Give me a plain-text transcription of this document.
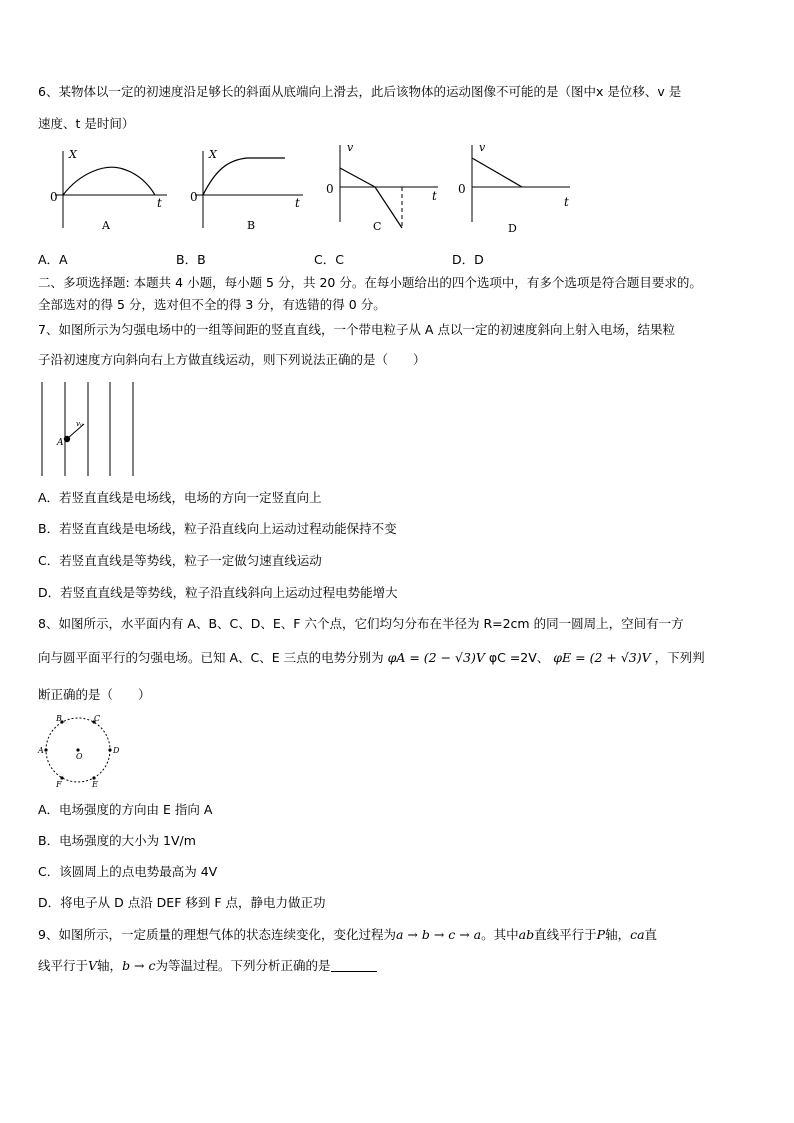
6、某物体以一定的初速度沿足够长的斜面从底端向上滑去，此后该物体的运动图像不可能的是（图中x 是位移、v 是
速度、t 是时间）
X
0	t
A
X
0	t
B
v
0	t
C
v
0
t
D
A．A	B．B	C．C	D．D
二、多项选择题: 本题共 4 小题，每小题 5 分，共 20 分。在每小题给出的四个选项中，有多个选项是符合题目要求的。
全部选对的得 5 分，选对但不全的得 3 分，有选错的得 0 分。
7、如图所示为匀强电场中的一组等间距的竖直直线，一个带电粒子从 A 点以一定的初速度斜向上射入电场，结果粒
子沿初速度方向斜向右上方做直线运动，则下列说法正确的是（　　）
A
v₀
A．若竖直直线是电场线，电场的方向一定竖直向上
B．若竖直直线是电场线，粒子沿直线向上运动过程动能保持不变
C．若竖直直线是等势线，粒子一定做匀速直线运动
D．若竖直直线是等势线，粒子沿直线斜向上运动过程电势能增大
8、如图所示，水平面内有 A、B、C、D、E、F 六个点，它们均匀分布在半径为 R=2cm 的同一圆周上，空间有一方
向与圆平面平行的匀强电场。已知 A、C、E 三点的电势分别为 φA = (2 − √3)V φC =2V、 φE = (2 + √3)V ，下列判
断正确的是（　　）
B	C
A	D
E
F
O
A．电场强度的方向由 E 指向 A
B．电场强度的大小为 1V/m
C．该圆周上的点电势最高为 4V
D．将电子从 D 点沿 DEF 移到 F 点，静电力做正功
9、如图所示，一定质量的理想气体的状态连续变化，变化过程为a → b → c → a。其中ab直线平行于P轴，ca直
线平行于V轴，b → c为等温过程。下列分析正确的是
